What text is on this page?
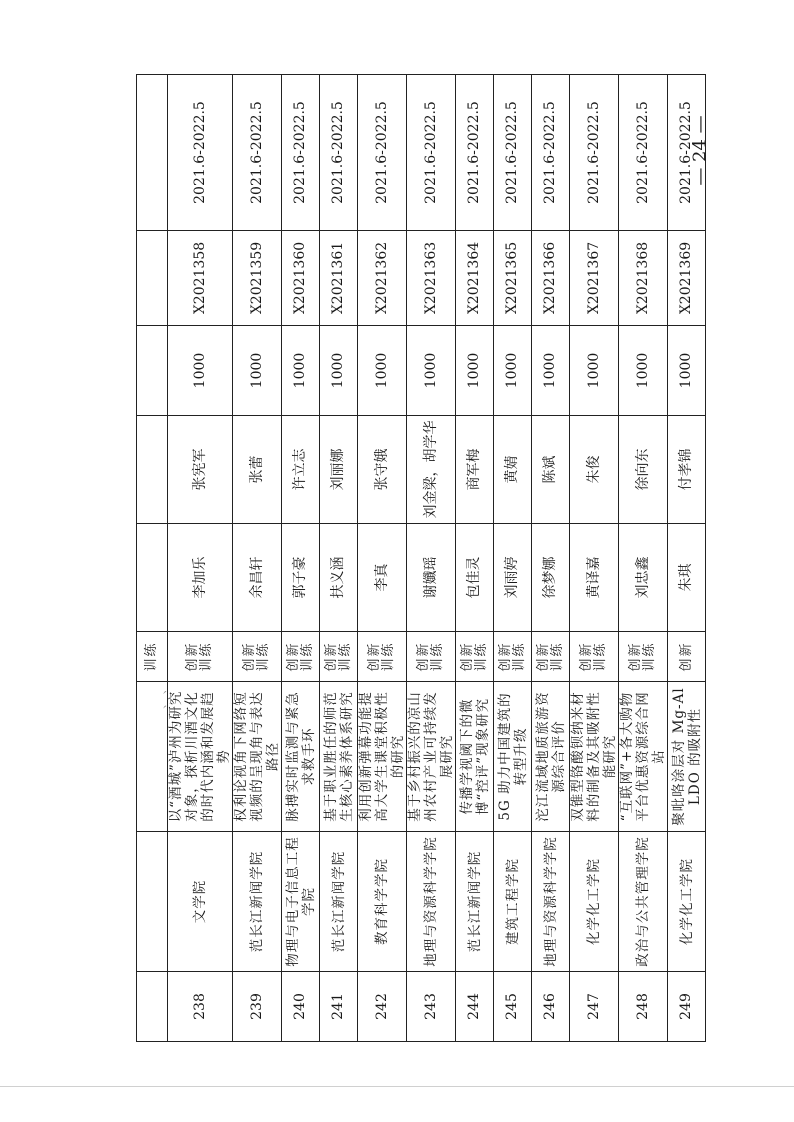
、 、
— 24 —
			训练					
238	文学院	以“酒城”泸州为研究对象，探析川酒文化的时代内涵和发展趋势	创新训练	李加乐	张宪军	1000	X2021358	2021.6-2022.5
239	范长江新闻学院	权利论视角下网络短视频的呈现角与表达路径	创新训练	余昌轩	张蕾	1000	X2021359	2021.6-2022.5
240	物理与电子信息工程学院	脉搏实时监测与紧急求救手环	创新训练	郭子豪	许立志	1000	X2021360	2021.6-2022.5
241	范长江新闻学院	基于职业胜任的师范生核心素养体系研究	创新训练	扶义涵	刘丽娜	1000	X2021361	2021.6-2022.5
242	教育科学学院	利用创新弹幕功能提高大学生课堂积极性的研究	创新训练	李真	张守娥	1000	X2021362	2021.6-2022.5
243	地理与资源科学学院	基于乡村振兴的凉山州农村产业可持续发展研究	创新训练	谢孅瑶	刘金梁，胡学华	1000	X2021363	2021.6-2022.5
244	范长江新闻学院	传播学视阈下的微博“控评”现象研究	创新训练	包佳灵	商军梅	1000	X2021364	2021.6-2022.5
245	建筑工程学院	5G 助力中国建筑的转型升级	创新训练	刘雨婷	黄婧	1000	X2021365	2021.6-2022.5
246	地理与资源科学学院	沱江流域地质旅游资源综合评价	创新训练	徐梦娜	陈斌	1000	X2021366	2021.6-2022.5
247	化学化工学院	双锥型铬酸钡纳米材料的制备及其吸附性能研究	创新训练	黄译嘉	朱俊	1000	X2021367	2021.6-2022.5
248	政治与公共管理学院	“互联网”+各大购物平台优惠资源综合网站	创新训练	刘忠鑫	徐向东	1000	X2021368	2021.6-2022.5
249	化学化工学院	聚吡咯涂层对 Mg-Al LDO 的吸附性	创新	朱琪	付孝锦	1000	X2021369	2021.6-2022.5
